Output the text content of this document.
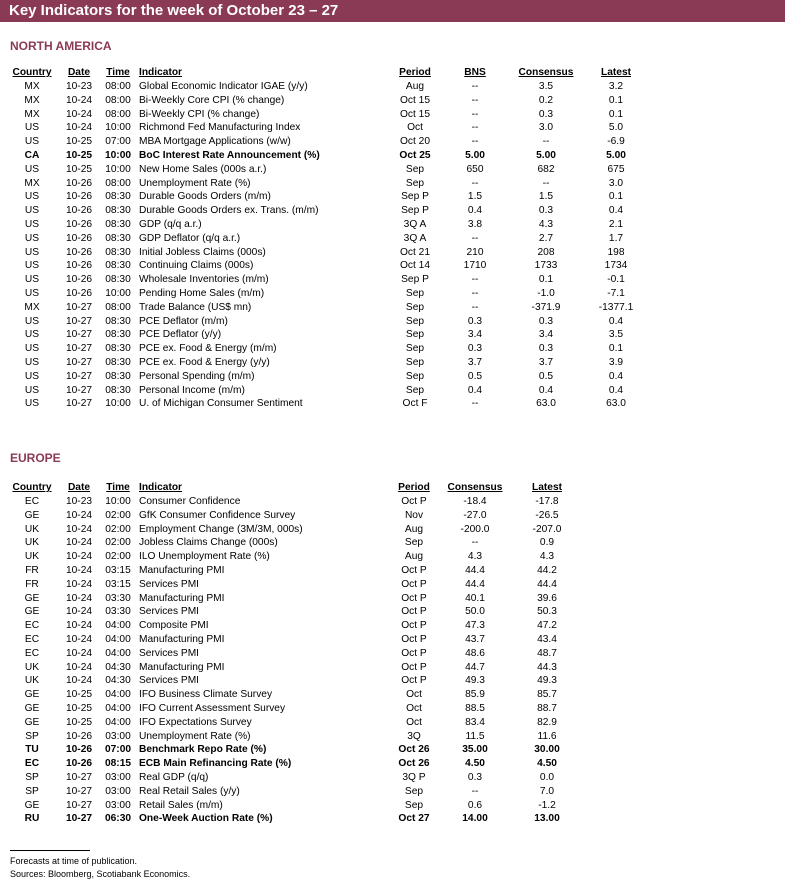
Key Indicators for the week of October 23 – 27
NORTH AMERICA
Country Date Time Indicator	Period	BNS	Consensus	Latest
MX	10-23 08:00 Global Economic Indicator IGAE (y/y)	Aug	--	3.5	3.2
MX	10-24 08:00 Bi-Weekly Core CPI (% change)	Oct 15	--	0.2	0.1
MX	10-24 08:00 Bi-Weekly CPI (% change)	Oct 15	--	0.3	0.1
US	10-24 10:00 Richmond Fed Manufacturing Index	Oct	--	3.0	5.0
US	10-25 07:00 MBA Mortgage Applications (w/w)	Oct 20	--	--	-6.9
CA	10-25 10:00 BoC Interest Rate Announcement (%)	Oct 25	5.00	5.00	5.00
US	10-25 10:00 New Home Sales (000s a.r.)	Sep	650	682	675
MX	10-26 08:00 Unemployment Rate (%)	Sep	--	--	3.0
US	10-26 08:30 Durable Goods Orders (m/m)	Sep P	1.5	1.5	0.1
US	10-26 08:30 Durable Goods Orders ex. Trans. (m/m)	Sep P	0.4	0.3	0.4
US	10-26 08:30 GDP (q/q a.r.)	3Q A	3.8	4.3	2.1
US	10-26 08:30 GDP Deflator (q/q a.r.)	3Q A	--	2.7	1.7
US	10-26 08:30 Initial Jobless Claims (000s)	Oct 21	210	208	198
US	10-26 08:30 Continuing Claims (000s)	Oct 14	1710	1733	1734
US	10-26 08:30 Wholesale Inventories (m/m)	Sep P	--	0.1	-0.1
US	10-26 10:00 Pending Home Sales (m/m)	Sep	--	-1.0	-7.1
MX	10-27 08:00 Trade Balance (US$ mn)	Sep	--	-371.9	-1377.1
US	10-27 08:30 PCE Deflator (m/m)	Sep	0.3	0.3	0.4
US	10-27 08:30 PCE Deflator (y/y)	Sep	3.4	3.4	3.5
US	10-27 08:30 PCE ex. Food & Energy (m/m)	Sep	0.3	0.3	0.1
US	10-27 08:30 PCE ex. Food & Energy (y/y)	Sep	3.7	3.7	3.9
US	10-27 08:30 Personal Spending (m/m)	Sep	0.5	0.5	0.4
US	10-27 08:30 Personal Income (m/m)	Sep	0.4	0.4	0.4
US	10-27 10:00 U. of Michigan Consumer Sentiment	Oct F	--	63.0	63.0
EUROPE
Country Date Time Indicator	Period Consensus	Latest
EC	10-23 10:00 Consumer Confidence	Oct P	-18.4	-17.8
GE	10-24 02:00 GfK Consumer Confidence Survey	Nov	-27.0	-26.5
UK	10-24 02:00 Employment Change (3M/3M, 000s)	Aug	-200.0	-207.0
UK	10-24 02:00 Jobless Claims Change (000s)	Sep	--	0.9
UK	10-24 02:00 ILO Unemployment Rate (%)	Aug	4.3	4.3
FR	10-24 03:15 Manufacturing PMI	Oct P	44.4	44.2
FR	10-24 03:15 Services PMI	Oct P	44.4	44.4
GE	10-24 03:30 Manufacturing PMI	Oct P	40.1	39.6
GE	10-24 03:30 Services PMI	Oct P	50.0	50.3
EC	10-24 04:00 Composite PMI	Oct P	47.3	47.2
EC	10-24 04:00 Manufacturing PMI	Oct P	43.7	43.4
EC	10-24 04:00 Services PMI	Oct P	48.6	48.7
UK	10-24 04:30 Manufacturing PMI	Oct P	44.7	44.3
UK	10-24 04:30 Services PMI	Oct P	49.3	49.3
GE	10-25 04:00 IFO Business Climate Survey	Oct	85.9	85.7
GE	10-25 04:00 IFO Current Assessment Survey	Oct	88.5	88.7
GE	10-25 04:00 IFO Expectations Survey	Oct	83.4	82.9
SP	10-26 03:00 Unemployment Rate (%)	3Q	11.5	11.6
TU	10-26 07:00 Benchmark Repo Rate (%)	Oct 26	35.00	30.00
EC	10-26 08:15 ECB Main Refinancing Rate (%)	Oct 26	4.50	4.50
SP	10-27 03:00 Real GDP (q/q)	3Q P	0.3	0.0
SP	10-27 03:00 Real Retail Sales (y/y)	Sep	--	7.0
GE	10-27 03:00 Retail Sales (m/m)	Sep	0.6	-1.2
RU	10-27 06:30 One-Week Auction Rate (%)	Oct 27	14.00	13.00
Forecasts at time of publication.
Sources: Bloomberg, Scotiabank Economics.
